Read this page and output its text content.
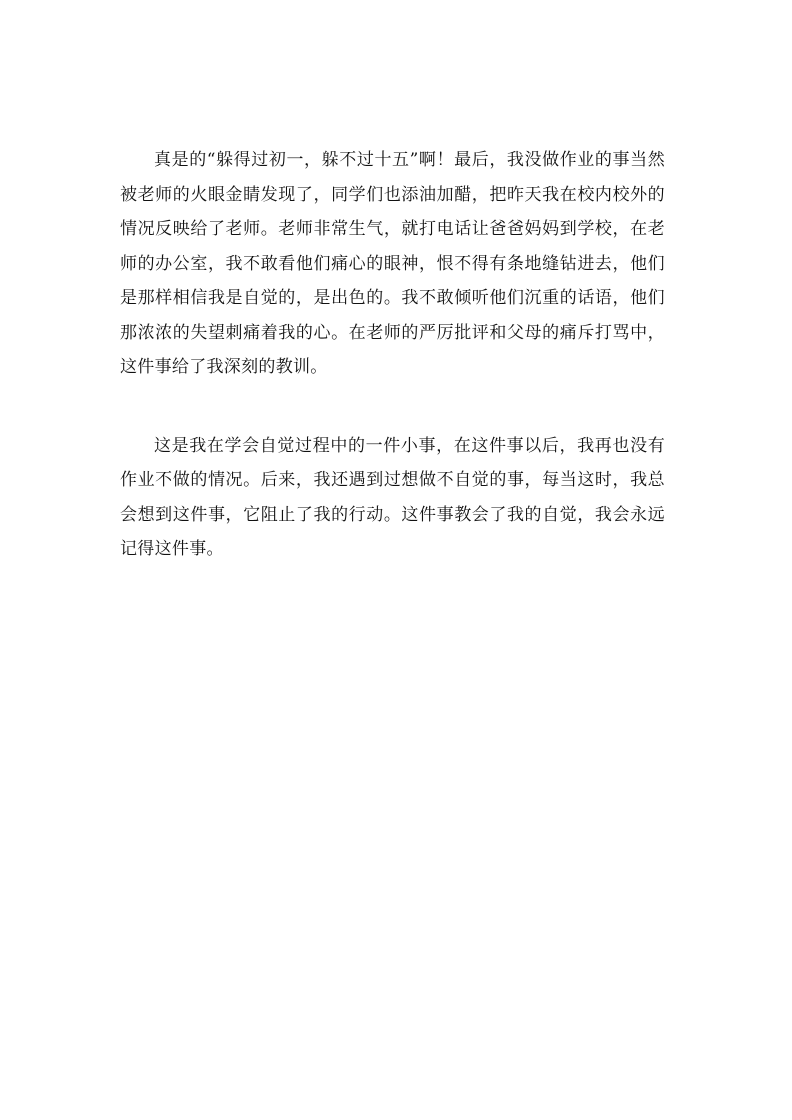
真是的“躲得过初一，躲不过十五”啊！最后，我没做作业的事当然被老师的火眼金睛发现了，同学们也添油加醋，把昨天我在校内校外的情况反映给了老师。老师非常生气，就打电话让爸爸妈妈到学校，在老师的办公室，我不敢看他们痛心的眼神，恨不得有条地缝钻进去，他们是那样相信我是自觉的，是出色的。我不敢倾听他们沉重的话语，他们那浓浓的失望刺痛着我的心。在老师的严厉批评和父母的痛斥打骂中，这件事给了我深刻的教训。

这是我在学会自觉过程中的一件小事，在这件事以后，我再也没有作业不做的情况。后来，我还遇到过想做不自觉的事，每当这时，我总会想到这件事，它阻止了我的行动。这件事教会了我的自觉，我会永远记得这件事。
